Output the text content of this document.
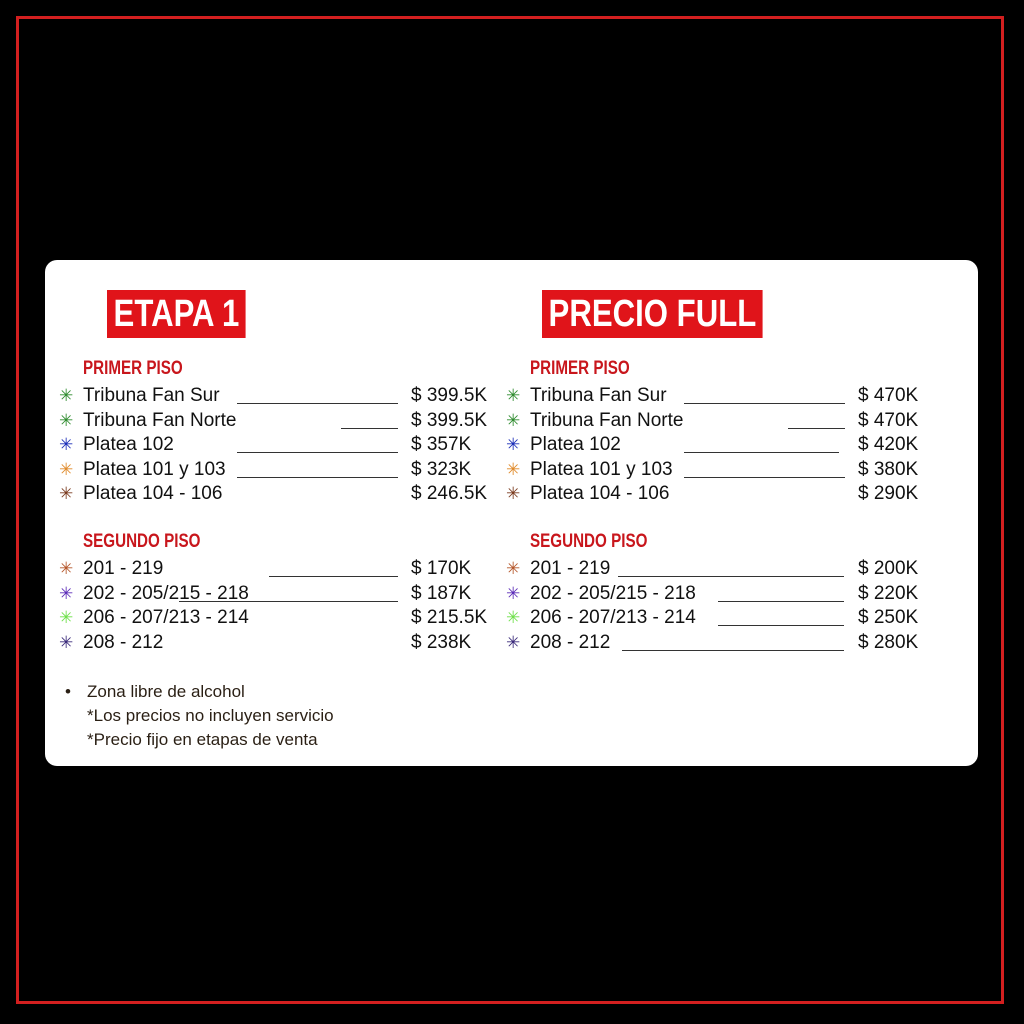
ETAPA 1
PRIMER PISO
✳ Tribuna Fan Sur	$ 399.5K
✳ Tribuna Fan Norte	$ 399.5K
✳ Platea 102	$ 357K
✳ Platea 101 y 103	$ 323K
✳ Platea 104 - 106	$ 246.5K
SEGUNDO PISO
✳ 201 - 219	$ 170K
✳ 202 - 205/215 - 218	$ 187K
✳ 206 - 207/213 - 214	$ 215.5K
✳ 208 - 212	$ 238K
PRECIO FULL
PRIMER PISO
✳ Tribuna Fan Sur	$ 470K
✳ Tribuna Fan Norte	$ 470K
✳ Platea 102	$ 420K
✳ Platea 101 y 103	$ 380K
✳ Platea 104 - 106	$ 290K
SEGUNDO PISO
✳ 201 - 219	$ 200K
✳ 202 - 205/215 - 218	$ 220K
✳ 206 - 207/213 - 214	$ 250K
✳ 208 - 212	$ 280K
• Zona libre de alcohol
*Los precios no incluyen servicio
*Precio fijo en etapas de venta
